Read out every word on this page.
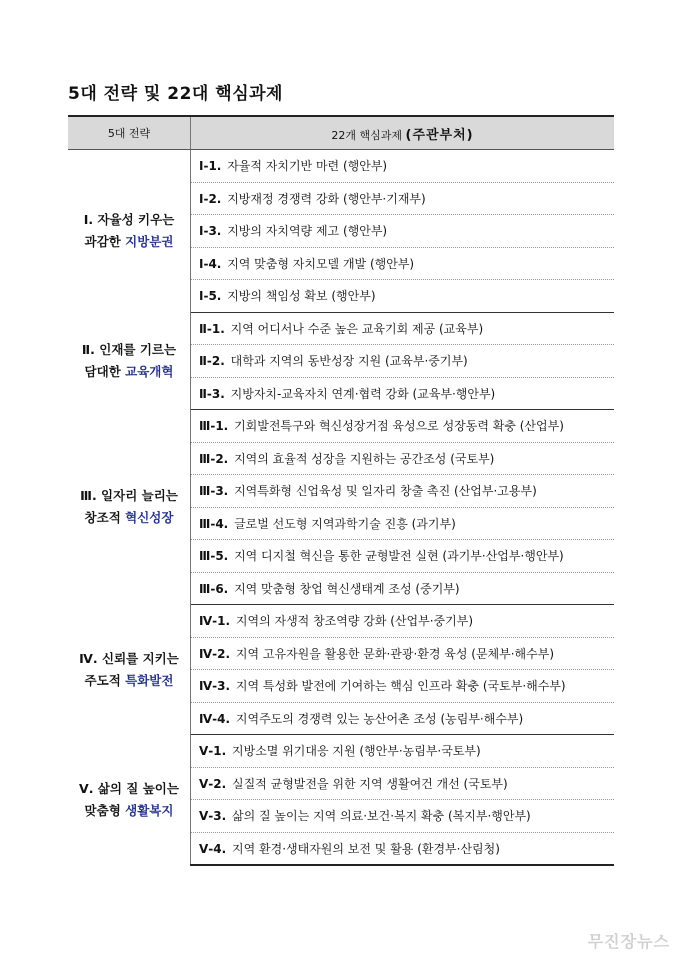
5대 전략 및 22대 핵심과제
5대 전략	22개 핵심과제 (주관부처)

Ⅰ. 자율성 키우는
과감한 지방분권	Ⅰ-1. 자율적 자치기반 마련 (행안부)
	Ⅰ-2. 지방재정 경쟁력 강화 (행안부·기재부)
	Ⅰ-3. 지방의 자치역량 제고 (행안부)
	Ⅰ-4. 지역 맞춤형 자치모델 개발 (행안부)
	Ⅰ-5. 지방의 책임성 확보 (행안부)

Ⅱ. 인재를 기르는
담대한 교육개혁	Ⅱ-1. 지역 어디서나 수준 높은 교육기회 제공 (교육부)
	Ⅱ-2. 대학과 지역의 동반성장 지원 (교육부·중기부)
	Ⅱ-3. 지방자치-교육자치 연계·협력 강화 (교육부·행안부)

Ⅲ. 일자리 늘리는
창조적 혁신성장	Ⅲ-1. 기회발전특구와 혁신성장거점 육성으로 성장동력 확충 (산업부)
	Ⅲ-2. 지역의 효율적 성장을 지원하는 공간조성 (국토부)
	Ⅲ-3. 지역특화형 신업육성 및 일자리 창출 촉진 (산업부·고용부)
	Ⅲ-4. 글로벌 선도형 지역과학기술 진흥 (과기부)
	Ⅲ-5. 지역 디지철 혁신을 통한 균형발전 실현 (과기부·산업부·행안부)
	Ⅲ-6. 지역 맞춤형 창업 혁신생태계 조성 (중기부)

Ⅳ. 신뢰를 지키는
주도적 특화발전	Ⅳ-1. 지역의 자생적 창조역량 강화 (산업부·중기부)
	Ⅳ-2. 지역 고유자원을 활용한 문화·관광·환경 육성 (문체부·해수부)
	Ⅳ-3. 지역 특성화 발전에 기여하는 핵심 인프라 확충 (국토부·해수부)
	Ⅳ-4. 지역주도의 경쟁력 있는 농산어촌 조성 (농림부·해수부)

Ⅴ. 삶의 질 높이는
맞춤형 생활복지	Ⅴ-1. 지방소멸 위기대응 지원 (행안부·농림부·국토부)
	Ⅴ-2. 실질적 균형발전을 위한 지역 생활여건 개선 (국토부)
	Ⅴ-3. 삶의 질 높이는 지역 의료·보건·복지 확충 (복지부·행안부)
	Ⅴ-4. 지역 환경·생태자원의 보전 및 활용 (환경부·산림청)
무진장뉴스
